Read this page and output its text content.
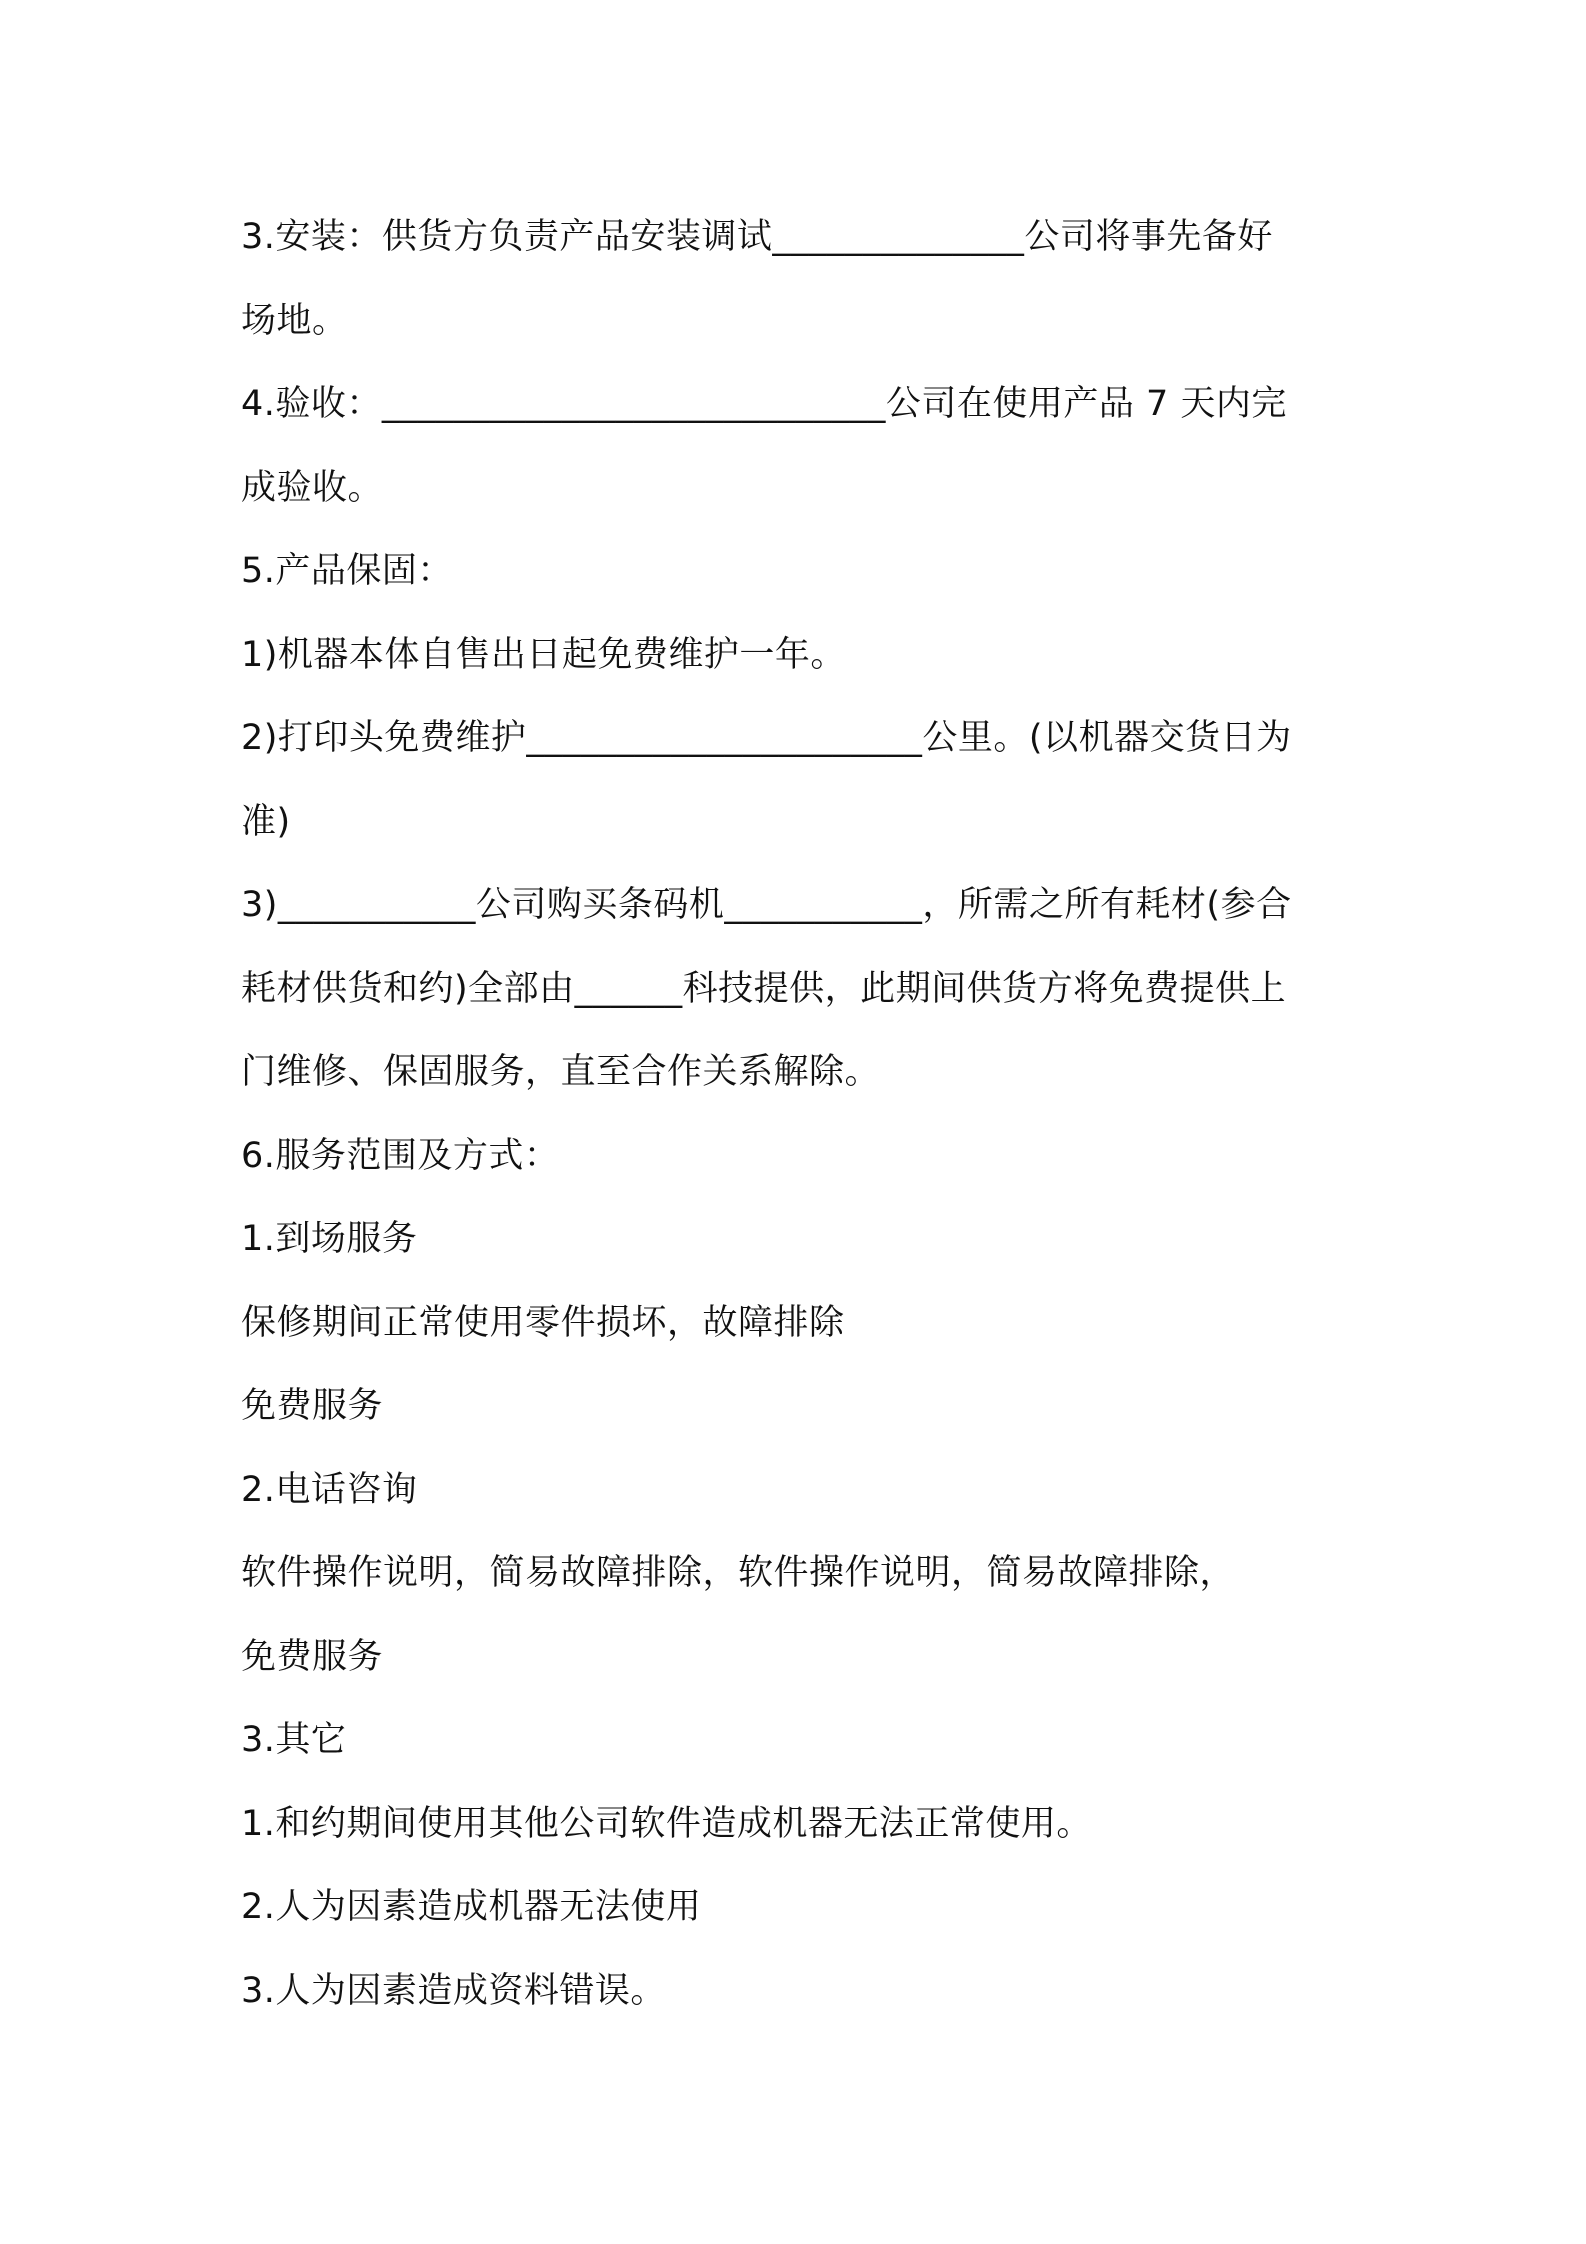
3.安装：供货方负责产品安装调试______________公司将事先备好
场地。
4.验收：____________________________公司在使用产品 7 天内完
成验收。
5.产品保固：
1)机器本体自售出日起免费维护一年。
2)打印头免费维护______________________公里。(以机器交货日为
准)
3)___________公司购买条码机___________，所需之所有耗材(参合
耗材供货和约)全部由______科技提供，此期间供货方将免费提供上
门维修、保固服务，直至合作关系解除。
6.服务范围及方式：
1.到场服务
保修期间正常使用零件损坏，故障排除
免费服务
2.电话咨询
软件操作说明，简易故障排除，软件操作说明，简易故障排除，
免费服务
3.其它
1.和约期间使用其他公司软件造成机器无法正常使用。
2.人为因素造成机器无法使用
3.人为因素造成资料错误。
